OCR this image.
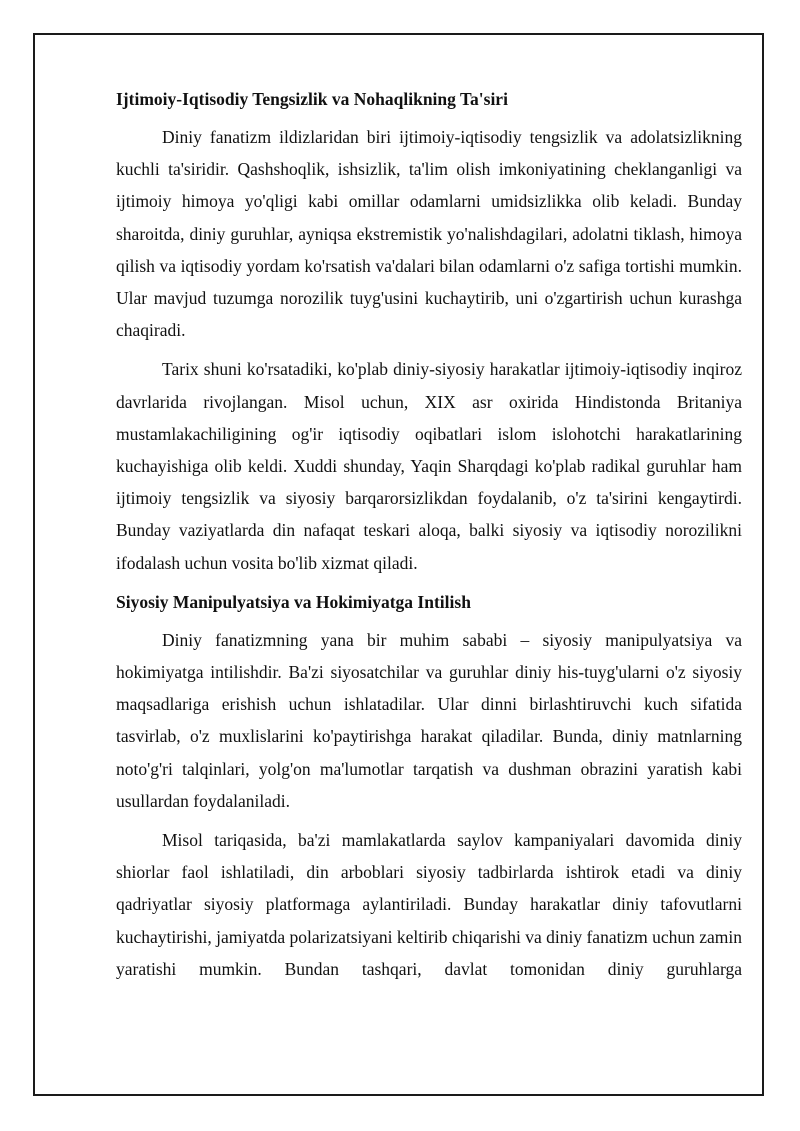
Ijtimoiy-Iqtisodiy Tengsizlik va Nohaqlikning Ta'siri

Diniy fanatizm ildizlaridan biri ijtimoiy-iqtisodiy tengsizlik va adolatsizlikning kuchli ta'siridir. Qashshoqlik, ishsizlik, ta'lim olish imkoniyatining cheklanganligi va ijtimoiy himoya yo'qligi kabi omillar odamlarni umidsizlikka olib keladi. Bunday sharoitda, diniy guruhlar, ayniqsa ekstremistik yo'nalishdagilari, adolatni tiklash, himoya qilish va iqtisodiy yordam ko'rsatish va'dalari bilan odamlarni o'z safiga tortishi mumkin. Ular mavjud tuzumga norozilik tuyg'usini kuchaytirib, uni o'zgartirish uchun kurashga chaqiradi.

Tarix shuni ko'rsatadiki, ko'plab diniy-siyosiy harakatlar ijtimoiy-iqtisodiy inqiroz davrlarida rivojlangan. Misol uchun, XIX asr oxirida Hindistonda Britaniya mustamlakachiligining og'ir iqtisodiy oqibatlari islom islohotchi harakatlarining kuchayishiga olib keldi. Xuddi shunday, Yaqin Sharqdagi ko'plab radikal guruhlar ham ijtimoiy tengsizlik va siyosiy barqarorsizlikdan foydalanib, o'z ta'sirini kengaytirdi. Bunday vaziyatlarda din nafaqat teskari aloqa, balki siyosiy va iqtisodiy norozilikni ifodalash uchun vosita bo'lib xizmat qiladi.

Siyosiy Manipulyatsiya va Hokimiyatga Intilish

Diniy fanatizmning yana bir muhim sababi – siyosiy manipulyatsiya va hokimiyatga intilishdir. Ba'zi siyosatchilar va guruhlar diniy his-tuyg'ularni o'z siyosiy maqsadlariga erishish uchun ishlatadilar. Ular dinni birlashtiruvchi kuch sifatida tasvirlab, o'z muxlislarini ko'paytirishga harakat qiladilar. Bunda, diniy matnlarning noto'g'ri talqinlari, yolg'on ma'lumotlar tarqatish va dushman obrazini yaratish kabi usullardan foydalaniladi.

Misol tariqasida, ba'zi mamlakatlarda saylov kampaniyalari davomida diniy shiorlar faol ishlatiladi, din arboblari siyosiy tadbirlarda ishtirok etadi va diniy qadriyatlar siyosiy platformaga aylantiriladi. Bunday harakatlar diniy tafovutlarni kuchaytirishi, jamiyatda polarizatsiyani keltirib chiqarishi va diniy fanatizm uchun zamin yaratishi mumkin. Bundan tashqari, davlat tomonidan diniy guruhlarga
